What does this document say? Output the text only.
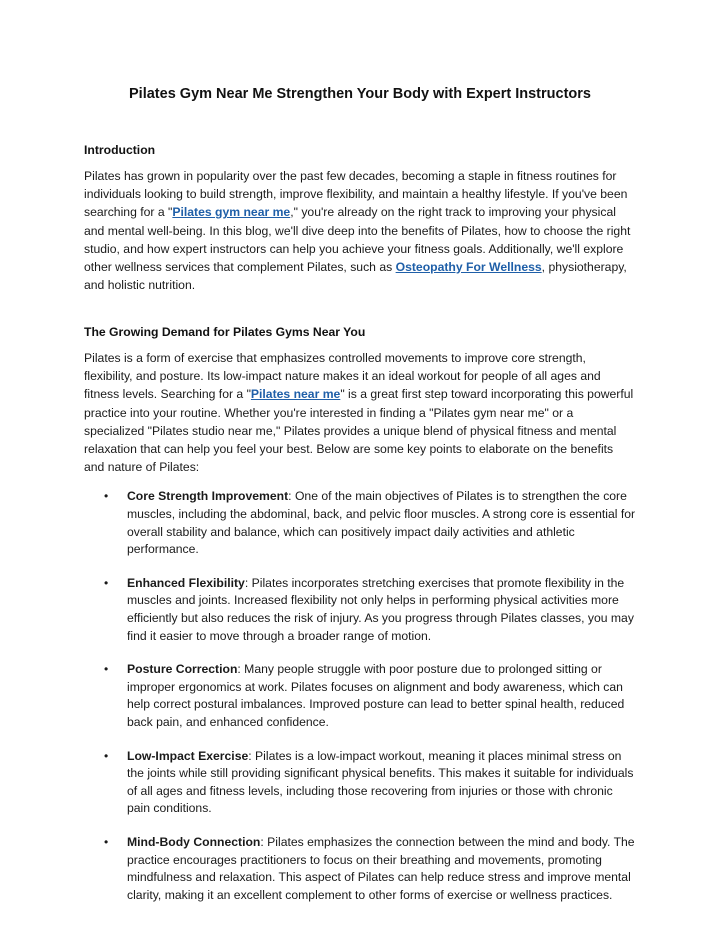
Pilates Gym Near Me Strengthen Your Body with Expert Instructors
Introduction

Pilates has grown in popularity over the past few decades, becoming a staple in fitness routines for individuals looking to build strength, improve flexibility, and maintain a healthy lifestyle. If you've been searching for a "Pilates gym near me," you're already on the right track to improving your physical and mental well-being. In this blog, we'll dive deep into the benefits of Pilates, how to choose the right studio, and how expert instructors can help you achieve your fitness goals. Additionally, we'll explore other wellness services that complement Pilates, such as Osteopathy For Wellness, physiotherapy, and holistic nutrition.

The Growing Demand for Pilates Gyms Near You

Pilates is a form of exercise that emphasizes controlled movements to improve core strength, flexibility, and posture. Its low-impact nature makes it an ideal workout for people of all ages and fitness levels. Searching for a "Pilates near me" is a great first step toward incorporating this powerful practice into your routine. Whether you're interested in finding a "Pilates gym near me" or a specialized "Pilates studio near me," Pilates provides a unique blend of physical fitness and mental relaxation that can help you feel your best. Below are some key points to elaborate on the benefits and nature of Pilates:

• Core Strength Improvement: One of the main objectives of Pilates is to strengthen the core muscles, including the abdominal, back, and pelvic floor muscles. A strong core is essential for overall stability and balance, which can positively impact daily activities and athletic performance.
• Enhanced Flexibility: Pilates incorporates stretching exercises that promote flexibility in the muscles and joints. Increased flexibility not only helps in performing physical activities more efficiently but also reduces the risk of injury. As you progress through Pilates classes, you may find it easier to move through a broader range of motion.
• Posture Correction: Many people struggle with poor posture due to prolonged sitting or improper ergonomics at work. Pilates focuses on alignment and body awareness, which can help correct postural imbalances. Improved posture can lead to better spinal health, reduced back pain, and enhanced confidence.
• Low-Impact Exercise: Pilates is a low-impact workout, meaning it places minimal stress on the joints while still providing significant physical benefits. This makes it suitable for individuals of all ages and fitness levels, including those recovering from injuries or those with chronic pain conditions.
• Mind-Body Connection: Pilates emphasizes the connection between the mind and body. The practice encourages practitioners to focus on their breathing and movements, promoting mindfulness and relaxation. This aspect of Pilates can help reduce stress and improve mental clarity, making it an excellent complement to other forms of exercise or wellness practices.
